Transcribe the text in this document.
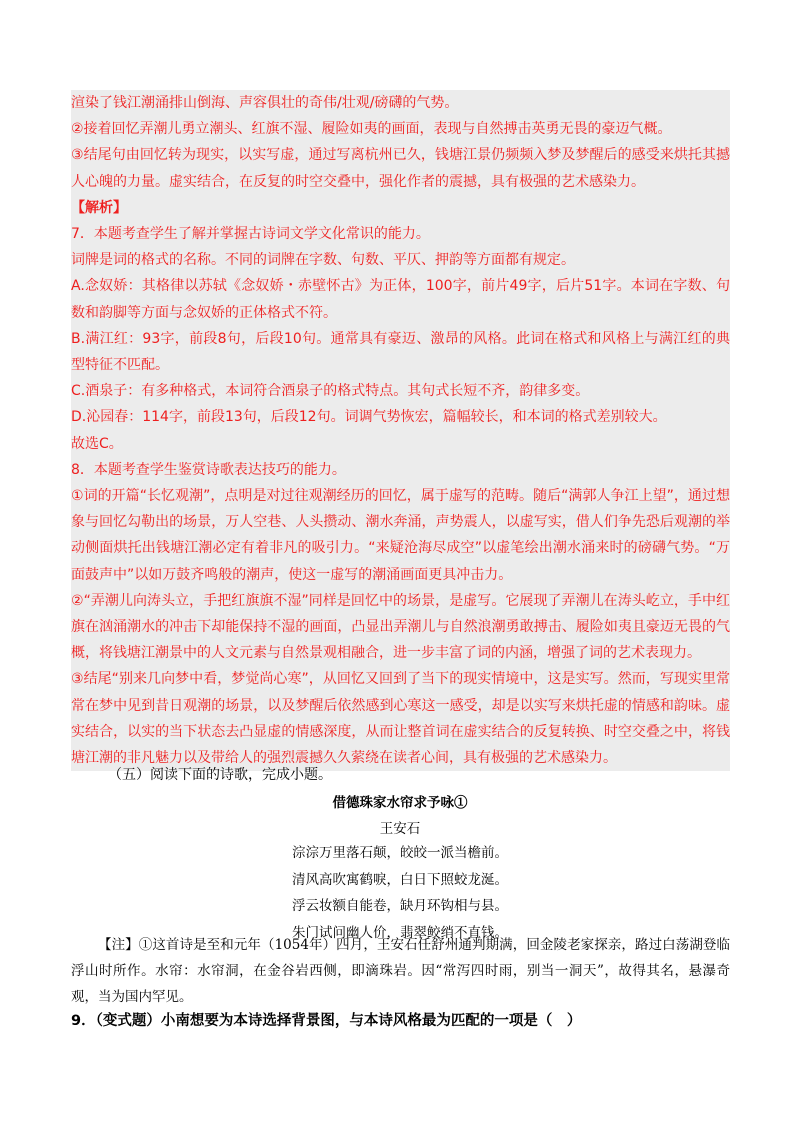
渲染了钱江潮涌排山倒海、声容俱壮的奇伟/壮观/磅礴的气势。

②接着回忆弄潮儿勇立潮头、红旗不湿、履险如夷的画面，表现与自然搏击英勇无畏的豪迈气概。

③结尾句由回忆转为现实，以实写虚，通过写离杭州已久，钱塘江景仍频频入梦及梦醒后的感受来烘托其撼人心魄的力量。虚实结合，在反复的时空交叠中，强化作者的震撼，具有极强的艺术感染力。

【解析】

7．本题考查学生了解并掌握古诗词文学文化常识的能力。

词牌是词的格式的名称。不同的词牌在字数、句数、平仄、押韵等方面都有规定。

A.念奴娇：其格律以苏轼《念奴娇・赤壁怀古》为正体，100字，前片49字，后片51字。本词在字数、句数和韵脚等方面与念奴娇的正体格式不符。

B.满江红：93字，前段8句，后段10句。通常具有豪迈、激昂的风格。此词在格式和风格上与满江红的典型特征不匹配。

C.酒泉子：有多种格式，本词符合酒泉子的格式特点。其句式长短不齐，韵律多变。

D.沁园春：114字，前段13句，后段12句。词调气势恢宏，篇幅较长，和本词的格式差别较大。

故选C。

8．本题考查学生鉴赏诗歌表达技巧的能力。

①词的开篇“长忆观潮”，点明是对过往观潮经历的回忆，属于虚写的范畴。随后“满郭人争江上望”，通过想象与回忆勾勒出的场景，万人空巷、人头攒动、潮水奔涌，声势震人，以虚写实，借人们争先恐后观潮的举动侧面烘托出钱塘江潮必定有着非凡的吸引力。“来疑沧海尽成空”以虚笔绘出潮水涌来时的磅礴气势。“万面鼓声中”以如万鼓齐鸣般的潮声，使这一虚写的潮涌画面更具冲击力。

②“弄潮儿向涛头立，手把红旗旗不湿”同样是回忆中的场景，是虚写。它展现了弄潮儿在涛头屹立，手中红旗在汹涌潮水的冲击下却能保持不湿的画面，凸显出弄潮儿与自然浪潮勇敢搏击、履险如夷且豪迈无畏的气概，将钱塘江潮景中的人文元素与自然景观相融合，进一步丰富了词的内涵，增强了词的艺术表现力。

③结尾“别来几向梦中看，梦觉尚心寒”，从回忆又回到了当下的现实情境中，这是实写。然而，写现实里常常在梦中见到昔日观潮的场景，以及梦醒后依然感到心寒这一感受，却是以实写来烘托虚的情感和韵味。虚实结合，以实的当下状态去凸显虚的情感深度，从而让整首词在虚实结合的反复转换、时空交叠之中，将钱塘江潮的非凡魅力以及带给人的强烈震撼久久萦绕在读者心间，具有极强的艺术感染力。

（五）阅读下面的诗歌，完成小题。
借德珠家水帘求予咏①
王安石
淙淙万里落石颠，皎皎一派当檐前。
清风高吹寓鹤唳，白日下照蛟龙涎。
浮云妆额自能卷，缺月环钩相与县。
朱门试问幽人价，翡翠鲛绡不直钱。
【注】①这首诗是至和元年（1054年）四月，王安石任舒州通判期满，回金陵老家探亲，路过白荡湖登临浮山时所作。水帘：水帘洞，在金谷岩西侧，即滴珠岩。因“常泻四时雨，别当一洞天”，故得其名，悬瀑奇观，当为国内罕见。
9．（变式题）小南想要为本诗选择背景图，与本诗风格最为匹配的一项是（　）
